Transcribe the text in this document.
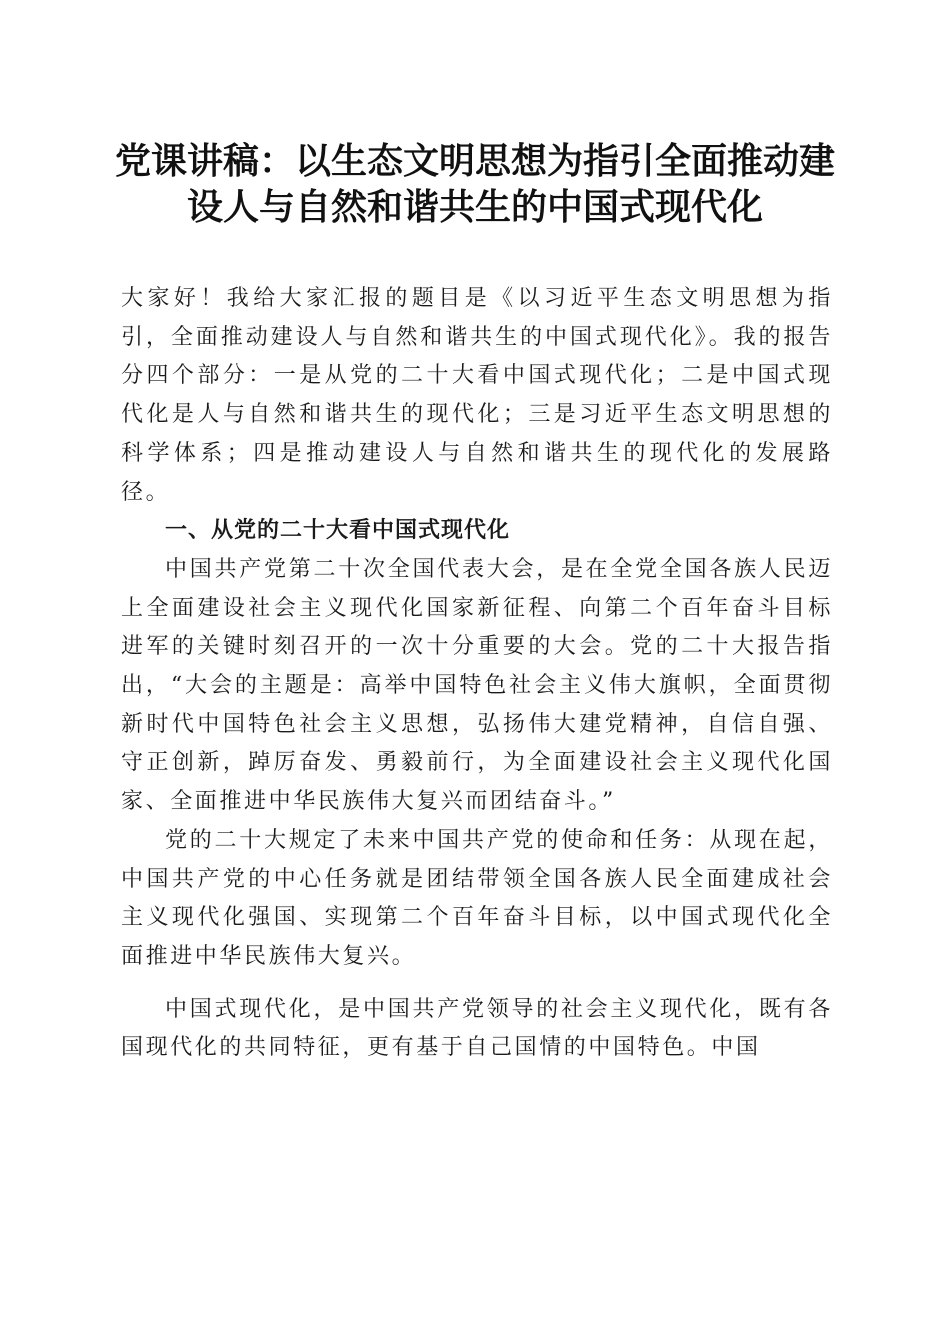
党课讲稿：以生态文明思想为指引全面推动建
设人与自然和谐共生的中国式现代化

大家好！我给大家汇报的题目是《以习近平生态文明思想为指引，全面推动建设人与自然和谐共生的中国式现代化》。我的报告分四个部分：一是从党的二十大看中国式现代化；二是中国式现代化是人与自然和谐共生的现代化；三是习近平生态文明思想的科学体系；四是推动建设人与自然和谐共生的现代化的发展路径。

一、从党的二十大看中国式现代化

中国共产党第二十次全国代表大会，是在全党全国各族人民迈上全面建设社会主义现代化国家新征程、向第二个百年奋斗目标进军的关键时刻召开的一次十分重要的大会。党的二十大报告指出，“大会的主题是：高举中国特色社会主义伟大旗帜，全面贯彻新时代中国特色社会主义思想，弘扬伟大建党精神，自信自强、守正创新，踔厉奋发、勇毅前行，为全面建设社会主义现代化国家、全面推进中华民族伟大复兴而团结奋斗。”

党的二十大规定了未来中国共产党的使命和任务：从现在起，中国共产党的中心任务就是团结带领全国各族人民全面建成社会主义现代化强国、实现第二个百年奋斗目标，以中国式现代化全面推进中华民族伟大复兴。

中国式现代化，是中国共产党领导的社会主义现代化，既有各国现代化的共同特征，更有基于自己国情的中国特色。中国
